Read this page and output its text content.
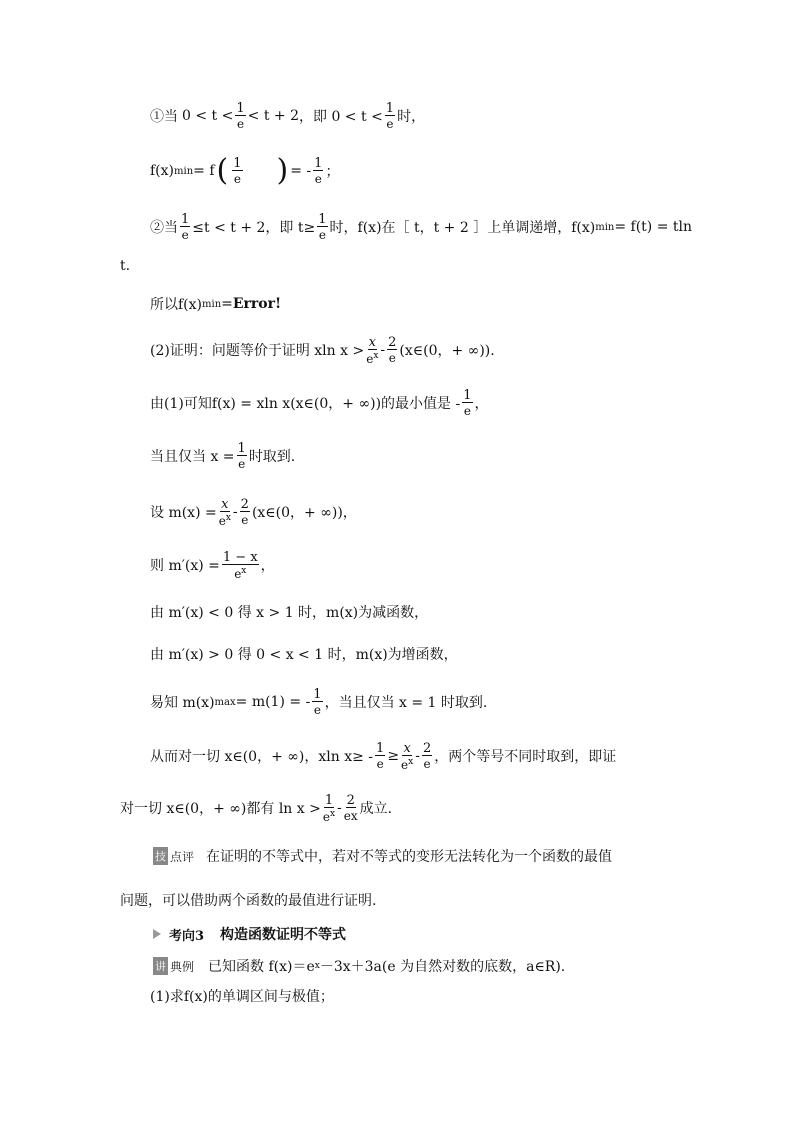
①当 $0 < t < \frac{1}{e} < t + 2$ ，即 $0 < t < \frac{1}{e}$ 时，
f(x) min = f ( $\frac{1}{e}$ ) = - $\frac{1}{e}$ ；
②当 $\frac{1}{e} \le t < t + 2$，即 $t\ge \frac{1}{e}$ 时，f(x)在［ t，t + 2 ］上单调递增，f(x) min = f(t) = tln
t.
所以f(x) min = Error!
(2)证明：问题等价于证明 xln $x > \frac{x}{e^x} - \frac{2}{e}$ (x∈(0，+ ∞)).
由(1)可知f(x) = xln x(x∈(0，+ ∞))的最小值是 - $\frac{1}{e}$ ，
当且仅当 $x = \frac{1}{e}$ 时取到.
设 $m(x) = \frac{x}{e^x} - \frac{2}{e}$ (x∈(0，+ ∞))，
则 $m'(x) = \frac{1 - x}{e^x}$ ，
由 m′(x) < 0 得 x > 1 时，m(x)为减函数，
由 m′(x) > 0 得 0 < x < 1 时，m(x)为增函数，
易知 m(x) max = m(1) = - $\frac{1}{e}$ ，当且仅当 x = 1 时取到.
从而对一切 x∈(0，+ ∞)，xln $x\ge - \frac{1}{e} \ge \frac{x}{e^x} - \frac{2}{e}$ ，两个等号不同时取到，即证
对一切 x∈(0，+ ∞)都有 $\ln x > \frac{1}{e^x} - \frac{2}{ex}$ 成立.
技 点评 在证明的不等式中，若对不等式的变形无法转化为一个函数的最值
问题，可以借助两个函数的最值进行证明.
考向3 构造函数证明不等式
讲 典例 已知函数 f(x)＝e x －3x＋3a(e 为自然对数的底数，a∈R).
(1)求f(x)的单调区间与极值；
